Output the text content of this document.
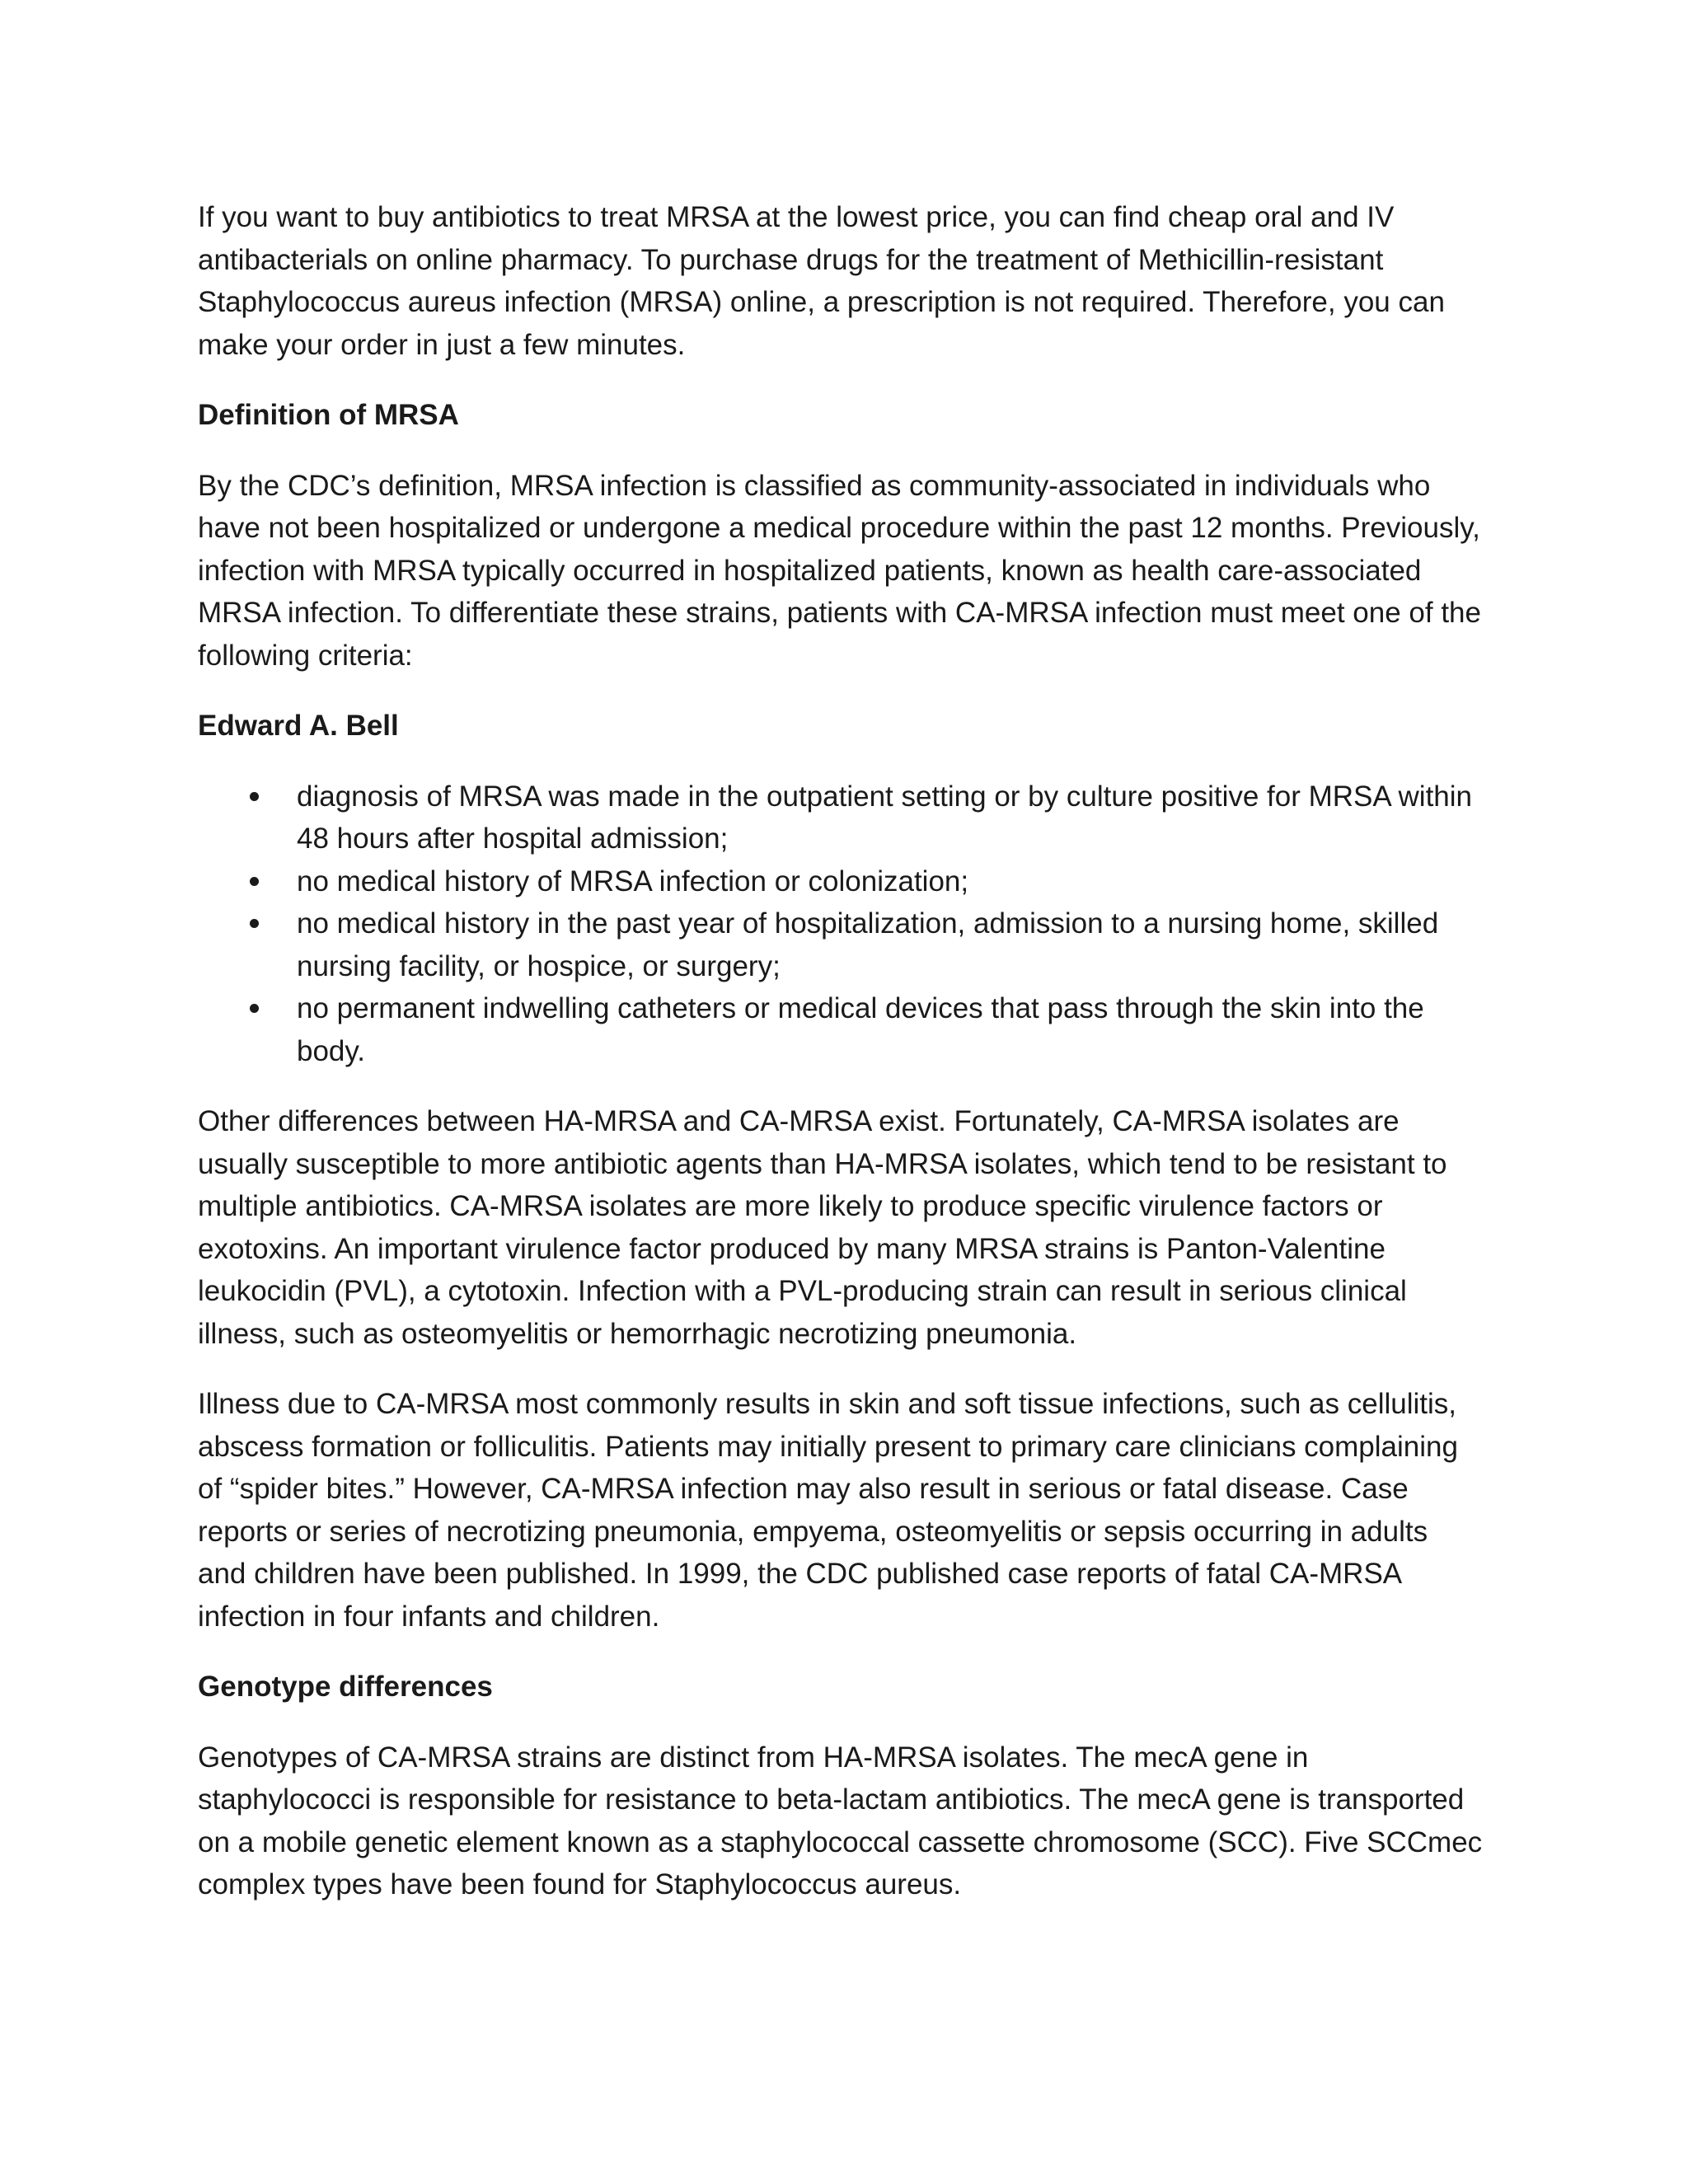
If you want to buy antibiotics to treat MRSA at the lowest price, you can find cheap oral and IV antibacterials on online pharmacy. To purchase drugs for the treatment of Methicillin-resistant Staphylococcus aureus infection (MRSA) online, a prescription is not required. Therefore, you can make your order in just a few minutes.

Definition of MRSA

By the CDC’s definition, MRSA infection is classified as community-associated in individuals who have not been hospitalized or undergone a medical procedure within the past 12 months. Previously, infection with MRSA typically occurred in hospitalized patients, known as health care-associated MRSA infection. To differentiate these strains, patients with CA-MRSA infection must meet one of the following criteria:

Edward A. Bell

diagnosis of MRSA was made in the outpatient setting or by culture positive for MRSA within 48 hours after hospital admission;
no medical history of MRSA infection or colonization;
no medical history in the past year of hospitalization, admission to a nursing home, skilled nursing facility, or hospice, or surgery;
no permanent indwelling catheters or medical devices that pass through the skin into the body.

Other differences between HA-MRSA and CA-MRSA exist. Fortunately, CA-MRSA isolates are usually susceptible to more antibiotic agents than HA-MRSA isolates, which tend to be resistant to multiple antibiotics. CA-MRSA isolates are more likely to produce specific virulence factors or exotoxins. An important virulence factor produced by many MRSA strains is Panton-Valentine leukocidin (PVL), a cytotoxin. Infection with a PVL-producing strain can result in serious clinical illness, such as osteomyelitis or hemorrhagic necrotizing pneumonia.

Illness due to CA-MRSA most commonly results in skin and soft tissue infections, such as cellulitis, abscess formation or folliculitis. Patients may initially present to primary care clinicians complaining of “spider bites.” However, CA-MRSA infection may also result in serious or fatal disease. Case reports or series of necrotizing pneumonia, empyema, osteomyelitis or sepsis occurring in adults and children have been published. In 1999, the CDC published case reports of fatal CA-MRSA infection in four infants and children.

Genotype differences

Genotypes of CA-MRSA strains are distinct from HA-MRSA isolates. The mecA gene in staphylococci is responsible for resistance to beta-lactam antibiotics. The mecA gene is transported on a mobile genetic element known as a staphylococcal cassette chromosome (SCC). Five SCCmec complex types have been found for Staphylococcus aureus.
